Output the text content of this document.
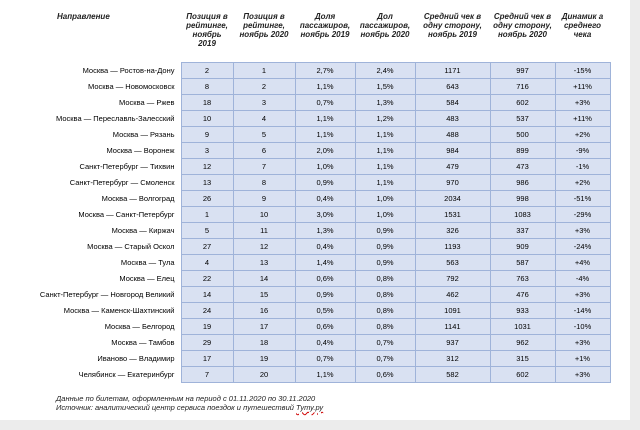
Направление	Позиция в рейтинге, ноябрь 2019	Позиция в рейтинге, ноябрь 2020	Доля пассажиров, ноябрь 2019	Дол пассажиров, ноябрь 2020	Средний чек в одну сторону, ноябрь 2019	Средний чек в одну сторону, ноябрь 2020	Динамик а среднего чека
Москва — Ростов-на-Дону	2	1	2,7%	2,4%	1171	997	-15%
Москва — Новомосковск	8	2	1,1%	1,5%	643	716	+11%
Москва — Ржев	18	3	0,7%	1,3%	584	602	+3%
Москва — Переславль-Залесский	10	4	1,1%	1,2%	483	537	+11%
Москва — Рязань	9	5	1,1%	1,1%	488	500	+2%
Москва — Воронеж	3	6	2,0%	1,1%	984	899	-9%
Санкт-Петербург — Тихвин	12	7	1,0%	1,1%	479	473	-1%
Санкт-Петербург — Смоленск	13	8	0,9%	1,1%	970	986	+2%
Москва — Волгоград	26	9	0,4%	1,0%	2034	998	-51%
Москва — Санкт-Петербург	1	10	3,0%	1,0%	1531	1083	-29%
Москва — Киржач	5	11	1,3%	0,9%	326	337	+3%
Москва — Старый Оскол	27	12	0,4%	0,9%	1193	909	-24%
Москва — Тула	4	13	1,4%	0,9%	563	587	+4%
Москва — Елец	22	14	0,6%	0,8%	792	763	-4%
Санкт-Петербург — Новгород Великий	14	15	0,9%	0,8%	462	476	+3%
Москва — Каменск-Шахтинский	24	16	0,5%	0,8%	1091	933	-14%
Москва — Белгород	19	17	0,6%	0,8%	1141	1031	-10%
Москва — Тамбов	29	18	0,4%	0,7%	937	962	+3%
Иваново — Владимир	17	19	0,7%	0,7%	312	315	+1%
Челябинск — Екатеринбург	7	20	1,1%	0,6%	582	602	+3%
Данные по билетам, оформленным на период с 01.11.2020 по 30.11.2020
Источник: аналитический центр сервиса поездок и путешествий Туту.ру
